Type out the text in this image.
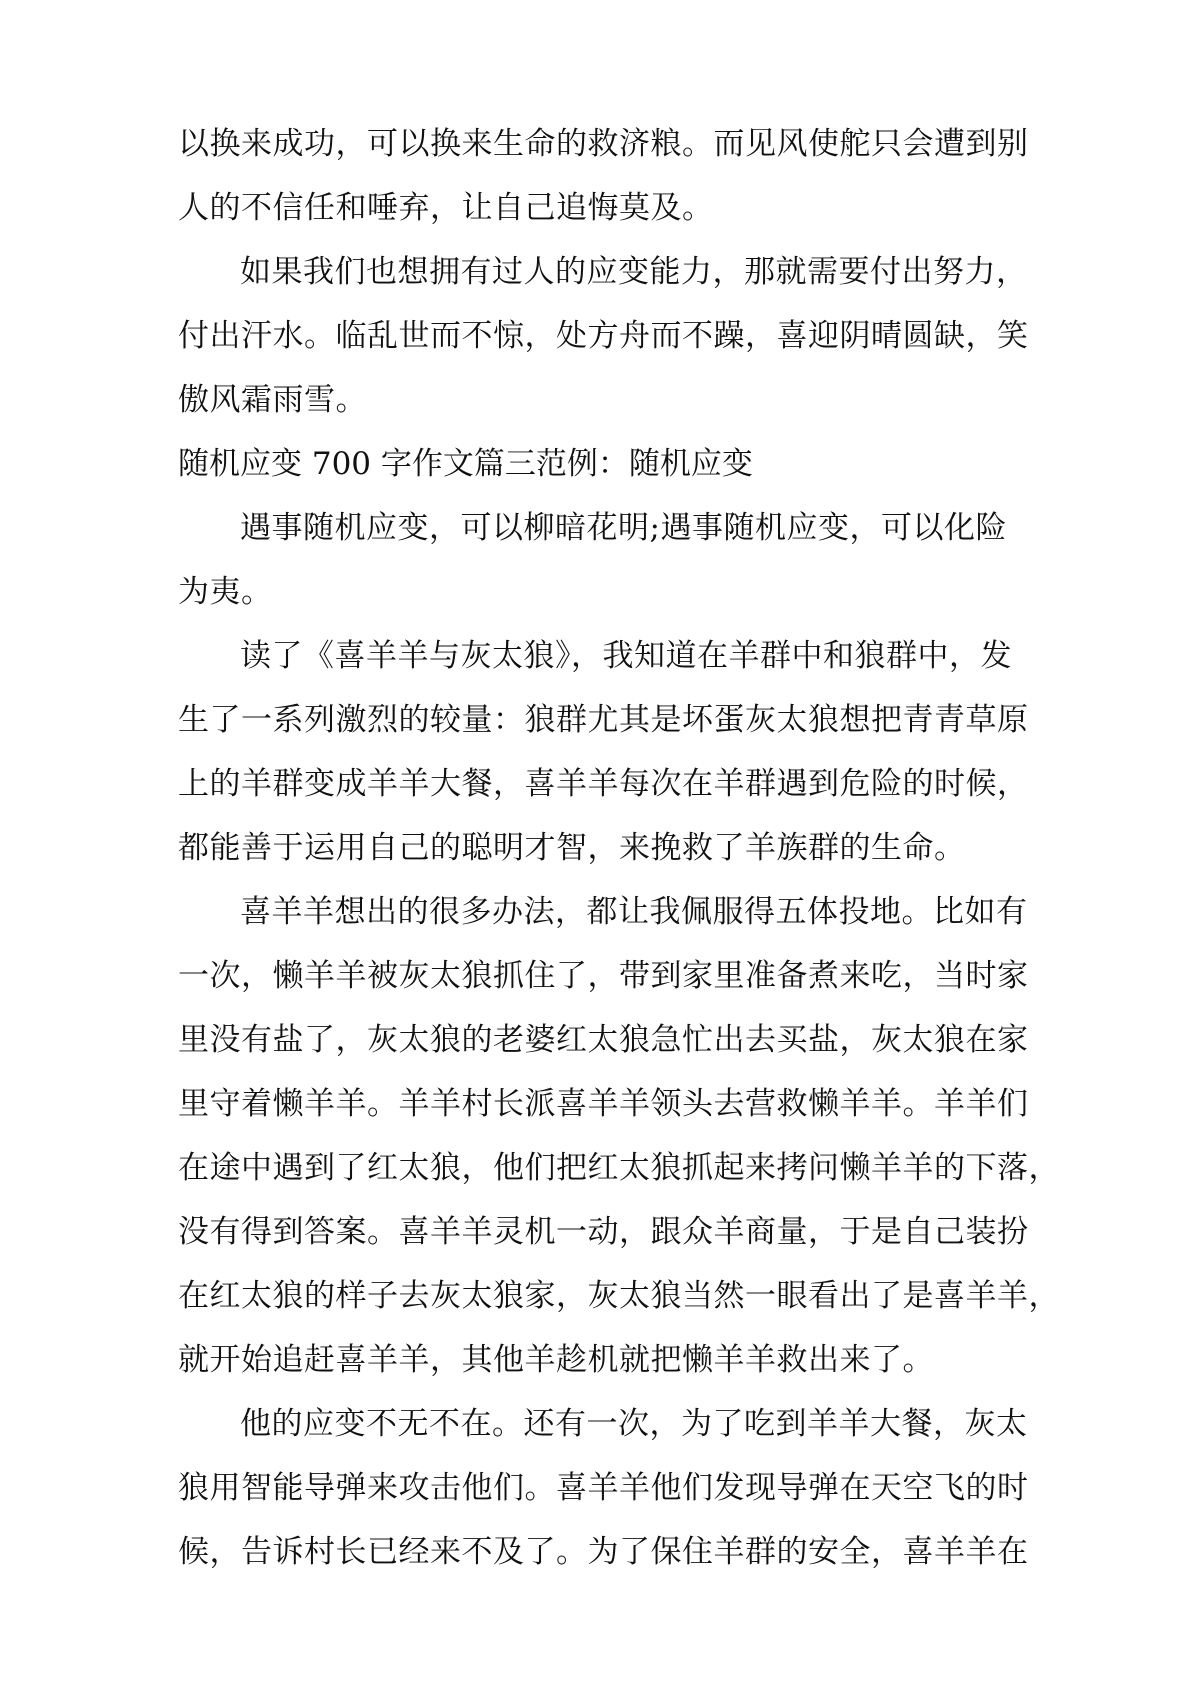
以换来成功，可以换来生命的救济粮。而见风使舵只会遭到别
人的不信任和唾弃，让自己追悔莫及。
如果我们也想拥有过人的应变能力，那就需要付出努力，
付出汗水。临乱世而不惊，处方舟而不躁，喜迎阴晴圆缺，笑
傲风霜雨雪。
随机应变 700 字作文篇三范例：随机应变
遇事随机应变，可以柳暗花明;遇事随机应变，可以化险
为夷。
读了《喜羊羊与灰太狼》，我知道在羊群中和狼群中，发
生了一系列激烈的较量：狼群尤其是坏蛋灰太狼想把青青草原
上的羊群变成羊羊大餐，喜羊羊每次在羊群遇到危险的时候，
都能善于运用自己的聪明才智，来挽救了羊族群的生命。
喜羊羊想出的很多办法，都让我佩服得五体投地。比如有
一次，懒羊羊被灰太狼抓住了，带到家里准备煮来吃，当时家
里没有盐了，灰太狼的老婆红太狼急忙出去买盐，灰太狼在家
里守着懒羊羊。羊羊村长派喜羊羊领头去营救懒羊羊。羊羊们
在途中遇到了红太狼，他们把红太狼抓起来拷问懒羊羊的下落，
没有得到答案。喜羊羊灵机一动，跟众羊商量，于是自己装扮
在红太狼的样子去灰太狼家，灰太狼当然一眼看出了是喜羊羊，
就开始追赶喜羊羊，其他羊趁机就把懒羊羊救出来了。
他的应变不无不在。还有一次，为了吃到羊羊大餐，灰太
狼用智能导弹来攻击他们。喜羊羊他们发现导弹在天空飞的时
候，告诉村长已经来不及了。为了保住羊群的安全，喜羊羊在
